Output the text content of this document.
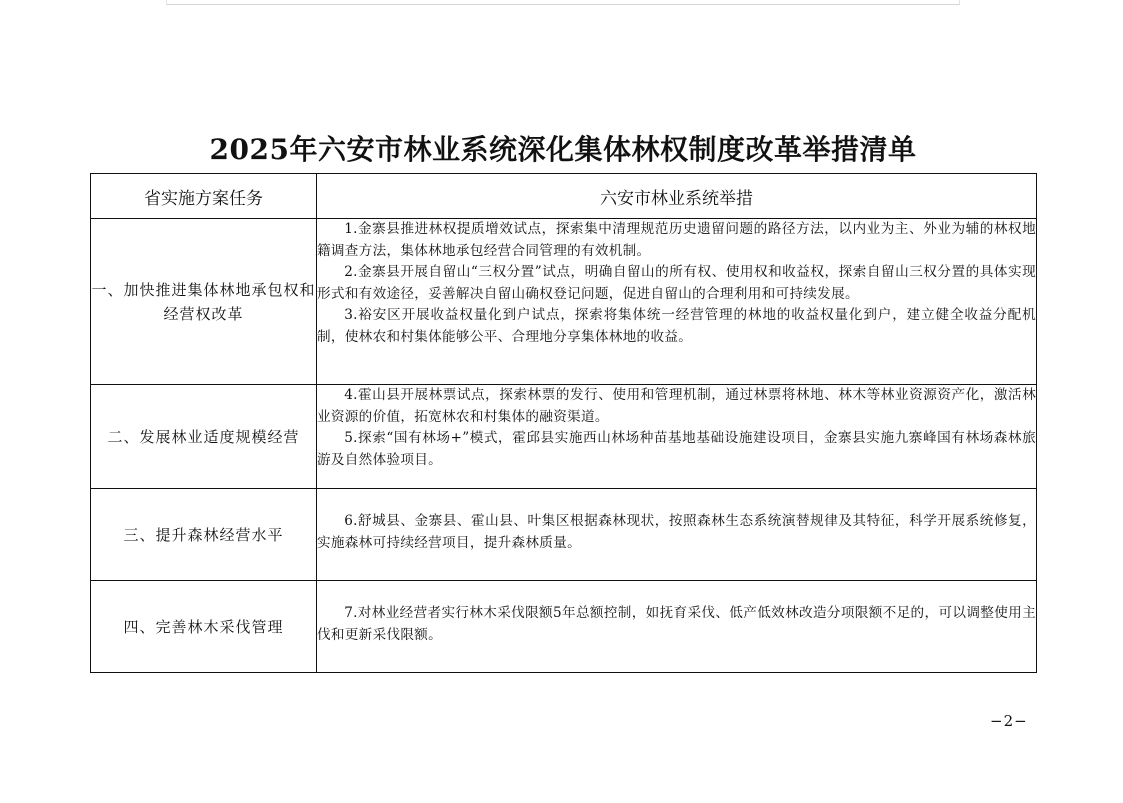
2025年六安市林业系统深化集体林权制度改革举措清单
省实施方案任务	六安市林业系统举措
一、加快推进集体林地承包权和经营权改革	1.金寨县推进林权提质增效试点，探索集中清理规范历史遗留问题的路径方法，以内业为主、外业为辅的林权地籍调查方法，集体林地承包经营合同管理的有效机制。

2.金寨县开展自留山“三权分置”试点，明确自留山的所有权、使用权和收益权，探索自留山三权分置的具体实现形式和有效途径，妥善解决自留山确权登记问题，促进自留山的合理利用和可持续发展。

3.裕安区开展收益权量化到户试点，探索将集体统一经营管理的林地的收益权量化到户，建立健全收益分配机制，使林农和村集体能够公平、合理地分享集体林地的收益。

二、发展林业适度规模经营	4.霍山县开展林票试点，探索林票的发行、使用和管理机制，通过林票将林地、林木等林业资源资产化，激活林业资源的价值，拓宽林农和村集体的融资渠道。

5.探索“国有林场+”模式，霍邱县实施西山林场种苗基地基础设施建设项目，金寨县实施九寨峰国有林场森林旅游及自然体验项目。

三、提升森林经营水平	6.舒城县、金寨县、霍山县、叶集区根据森林现状，按照森林生态系统演替规律及其特征，科学开展系统修复，实施森林可持续经营项目，提升森林质量。

四、完善林木采伐管理	7.对林业经营者实行林木采伐限额5年总额控制，如抚育采伐、低产低效林改造分项限额不足的，可以调整使用主伐和更新采伐限额。

−2−
